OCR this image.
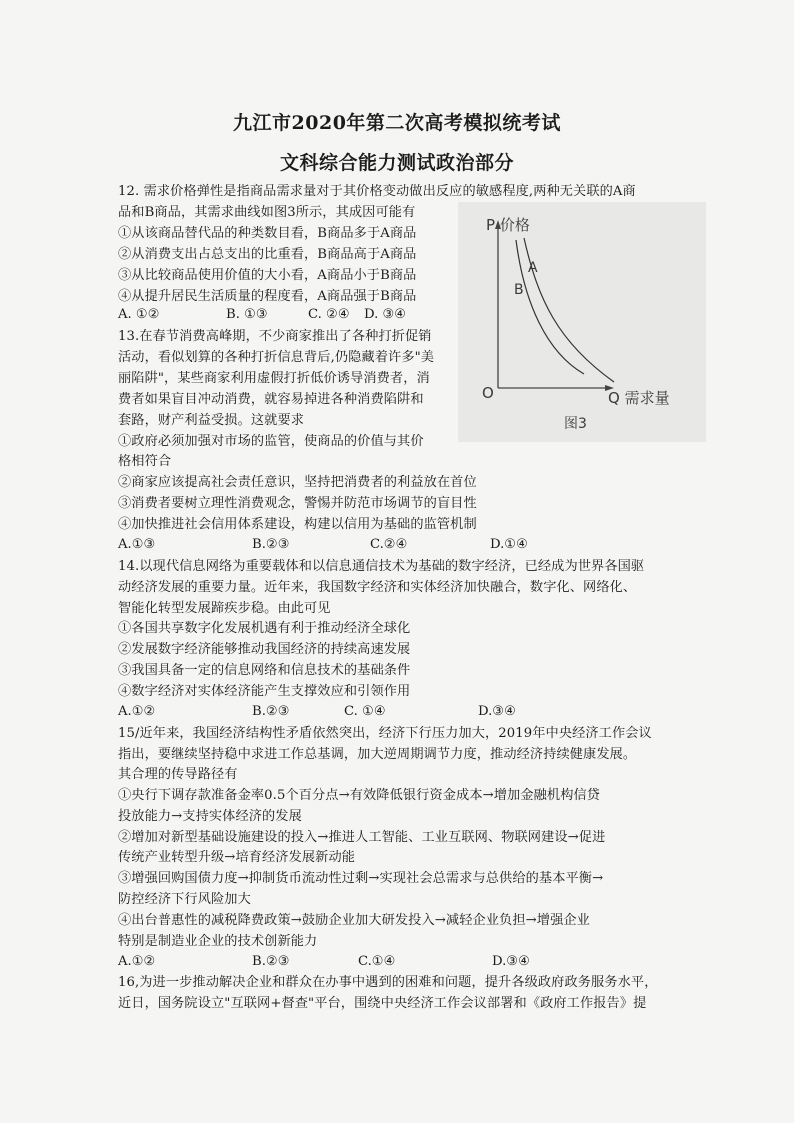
九江市2020年第二次高考模拟统考试
文科综合能力测试政治部分
12. 需求价格弹性是指商品需求量对于其价格变动做出反应的敏感程度,两种无关联的A商
品和B商品，其需求曲线如图3所示，其成因可能有
①从该商品替代品的种类数目看，B商品多于A商品
②从消费支出占总支出的比重看，B商品高于A商品
③从比较商品使用价值的大小看，A商品小于B商品
④从提升居民生活质量的程度看，A商品强于B商品
A. ①②	B. ①③	C. ②④ D. ③④
P 价格
O	Q 需求量
A
B
图3
13.在春节消费高峰期，不少商家推出了各种打折促销
活动，看似划算的各种打折信息背后,仍隐藏着许多"美
丽陷阱"，某些商家利用虚假打折低价诱导消费者，消
费者如果盲目冲动消费，就容易掉进各种消费陷阱和
套路，财产利益受损。这就要求
①政府必须加强对市场的监管，使商品的价值与其价
格相符合
②商家应该提高社会责任意识，坚持把消费者的利益放在首位
③消费者要树立理性消费观念，警惕并防范市场调节的盲目性
④加快推进社会信用体系建设，构建以信用为基础的监管机制
A.①③	B.②③	C.②④	D.①④
14.以现代信息网络为重要载体和以信息通信技术为基础的数字经济，已经成为世界各国驱
动经济发展的重要力量。近年来，我国数字经济和实体经济加快融合，数字化、网络化、
智能化转型发展蹄疾步稳。由此可见
①各国共享数字化发展机遇有利于推动经济全球化
②发展数字经济能够推动我国经济的持续高速发展
③我国具备一定的信息网络和信息技术的基础条件
④数字经济对实体经济能产生支撑效应和引领作用
A.①②	B.②③	C. ①④	D.③④
15/近年来，我国经济结构性矛盾依然突出，经济下行压力加大，2019年中央经济工作会议
指出，要继续坚持稳中求进工作总基调，加大逆周期调节力度，推动经济持续健康发展。
其合理的传导路径有
①央行下调存款准备金率0.5个百分点→有效降低银行资金成本→增加金融机构信贷
投放能力→支持实体经济的发展
②增加对新型基础设施建设的投入→推进人工智能、工业互联网、物联网建设→促进
传统产业转型升级→培育经济发展新动能
③增强回购国债力度→抑制货币流动性过剩→实现社会总需求与总供给的基本平衡→
防控经济下行风险加大
④出台普惠性的减税降费政策→鼓励企业加大研发投入→减轻企业负担→增强企业
特别是制造业企业的技术创新能力
A.①②	B.②③	C.①④	D.③④
16,为进一步推动解决企业和群众在办事中遇到的困难和问题，提升各级政府政务服务水平，
近日，国务院设立"互联网+督查"平台，围绕中央经济工作会议部署和《政府工作报告》提
